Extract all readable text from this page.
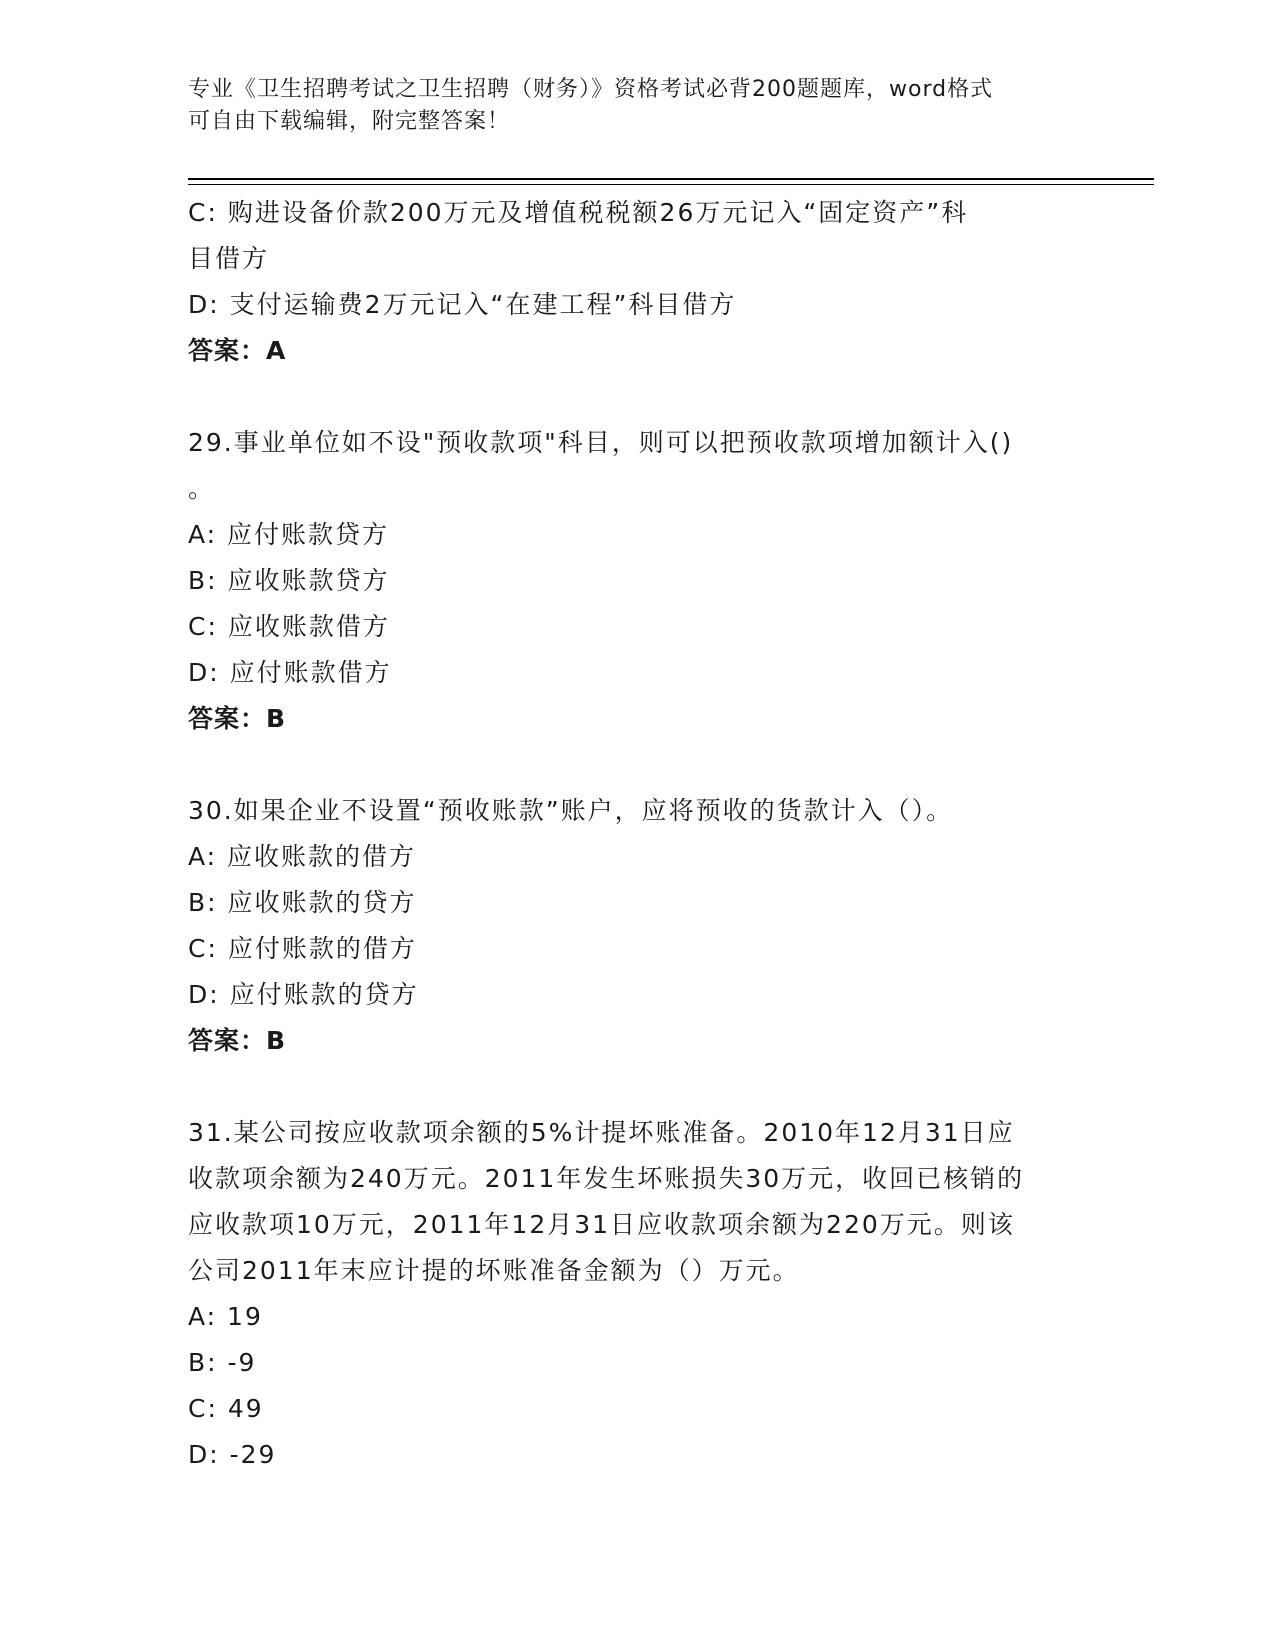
专业《卫生招聘考试之卫生招聘（财务）》资格考试必背200题题库，word格式
可自由下载编辑，附完整答案！
C: 购进设备价款200万元及增值税税额26万元记入“固定资产”科
目借方
D: 支付运输费2万元记入“在建工程”科目借方
答案：A
29.事业单位如不设"预收款项"科目，则可以把预收款项增加额计入()
。
A: 应付账款贷方
B: 应收账款贷方
C: 应收账款借方
D: 应付账款借方
答案：B
30.如果企业不设置“预收账款”账户，应将预收的货款计入（）。
A: 应收账款的借方
B: 应收账款的贷方
C: 应付账款的借方
D: 应付账款的贷方
答案：B
31.某公司按应收款项余额的5%计提坏账准备。2010年12月31日应
收款项余额为240万元。2011年发生坏账损失30万元，收回已核销的
应收款项10万元，2011年12月31日应收款项余额为220万元。则该
公司2011年末应计提的坏账准备金额为（）万元。
A: 19
B: -9
C: 49
D: -29
